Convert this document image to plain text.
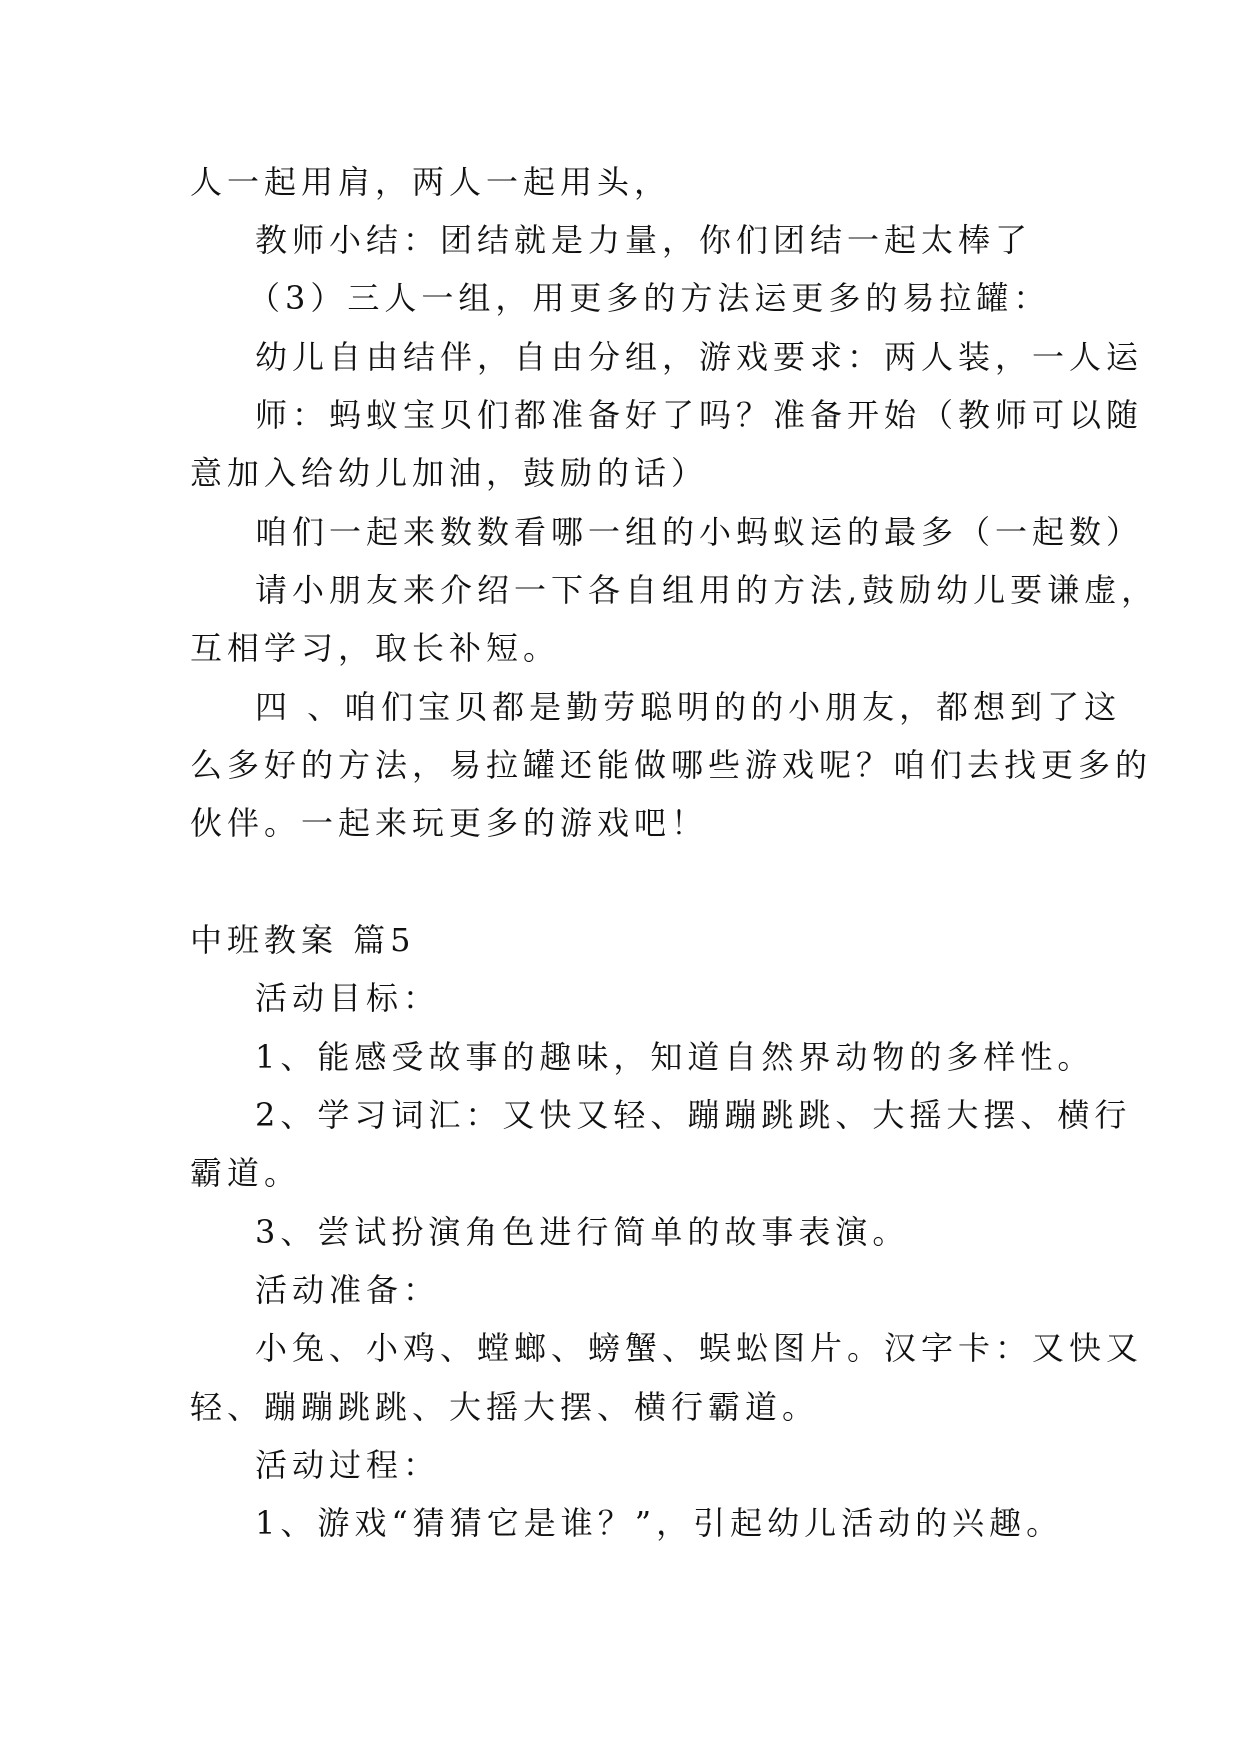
人一起用肩，两人一起用头，
教师小结：团结就是力量，你们团结一起太棒了
（3）三人一组，用更多的方法运更多的易拉罐：
幼儿自由结伴，自由分组，游戏要求：两人装，一人运
师：蚂蚁宝贝们都准备好了吗？准备开始（教师可以随
意加入给幼儿加油，鼓励的话）
咱们一起来数数看哪一组的小蚂蚁运的最多（一起数）
请小朋友来介绍一下各自组用的方法,鼓励幼儿要谦虚，
互相学习，取长补短。
四 、咱们宝贝都是勤劳聪明的的小朋友，都想到了这
么多好的方法，易拉罐还能做哪些游戏呢？咱们去找更多的
伙伴。一起来玩更多的游戏吧！
中班教案 篇5
活动目标：
1、能感受故事的趣味，知道自然界动物的多样性。
2、学习词汇：又快又轻、蹦蹦跳跳、大摇大摆、横行
霸道。
3、尝试扮演角色进行简单的故事表演。
活动准备：
小兔、小鸡、螳螂、螃蟹、蜈蚣图片。汉字卡：又快又
轻、蹦蹦跳跳、大摇大摆、横行霸道。
活动过程：
1、游戏“猜猜它是谁？”，引起幼儿活动的兴趣。
